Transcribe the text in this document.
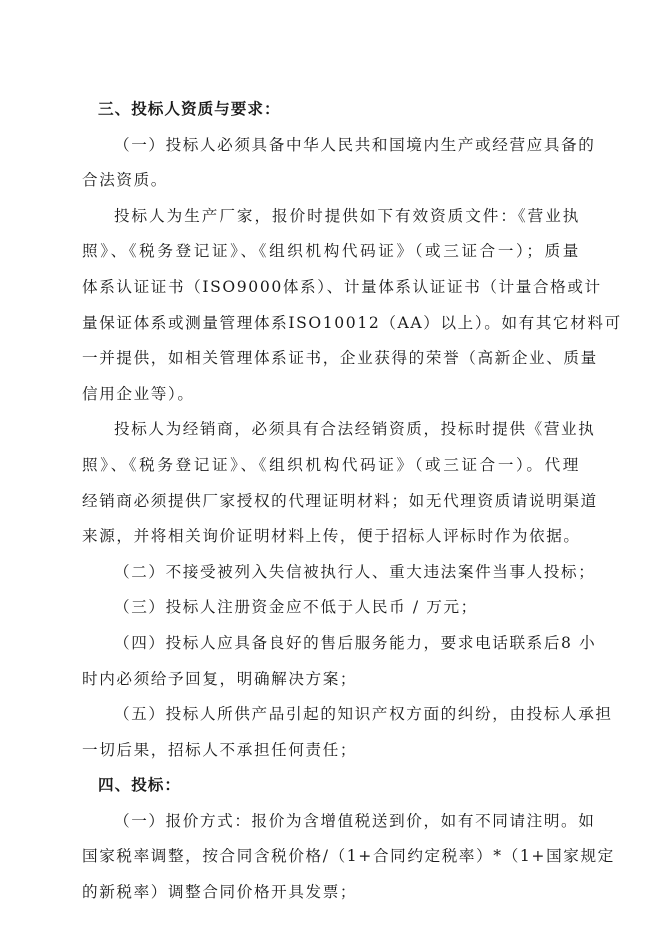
三、投标人资质与要求：
（一）投标人必须具备中华人民共和国境内生产或经营应具备的
合法资质。
投标人为生产厂家，报价时提供如下有效资质文件：《营业执
照》、《税务登记证》、《组织机构代码证》（或三证合一）；质量
体系认证证书（ISO9000体系）、计量体系认证证书（计量合格或计
量保证体系或测量管理体系ISO10012（AA）以上）。如有其它材料可
一并提供，如相关管理体系证书，企业获得的荣誉（高新企业、质量
信用企业等）。
投标人为经销商，必须具有合法经销资质，投标时提供《营业执
照》、《税务登记证》、《组织机构代码证》（或三证合一）。代理
经销商必须提供厂家授权的代理证明材料；如无代理资质请说明渠道
来源，并将相关询价证明材料上传，便于招标人评标时作为依据。
（二）不接受被列入失信被执行人、重大违法案件当事人投标；
（三）投标人注册资金应不低于人民币 / 万元；
（四）投标人应具备良好的售后服务能力，要求电话联系后8 小
时内必须给予回复，明确解决方案；
（五）投标人所供产品引起的知识产权方面的纠纷，由投标人承担
一切后果，招标人不承担任何责任；
四、投标：
（一）报价方式：报价为含增值税送到价，如有不同请注明。如
国家税率调整，按合同含税价格/（1+合同约定税率）*（1+国家规定
的新税率）调整合同价格开具发票；
